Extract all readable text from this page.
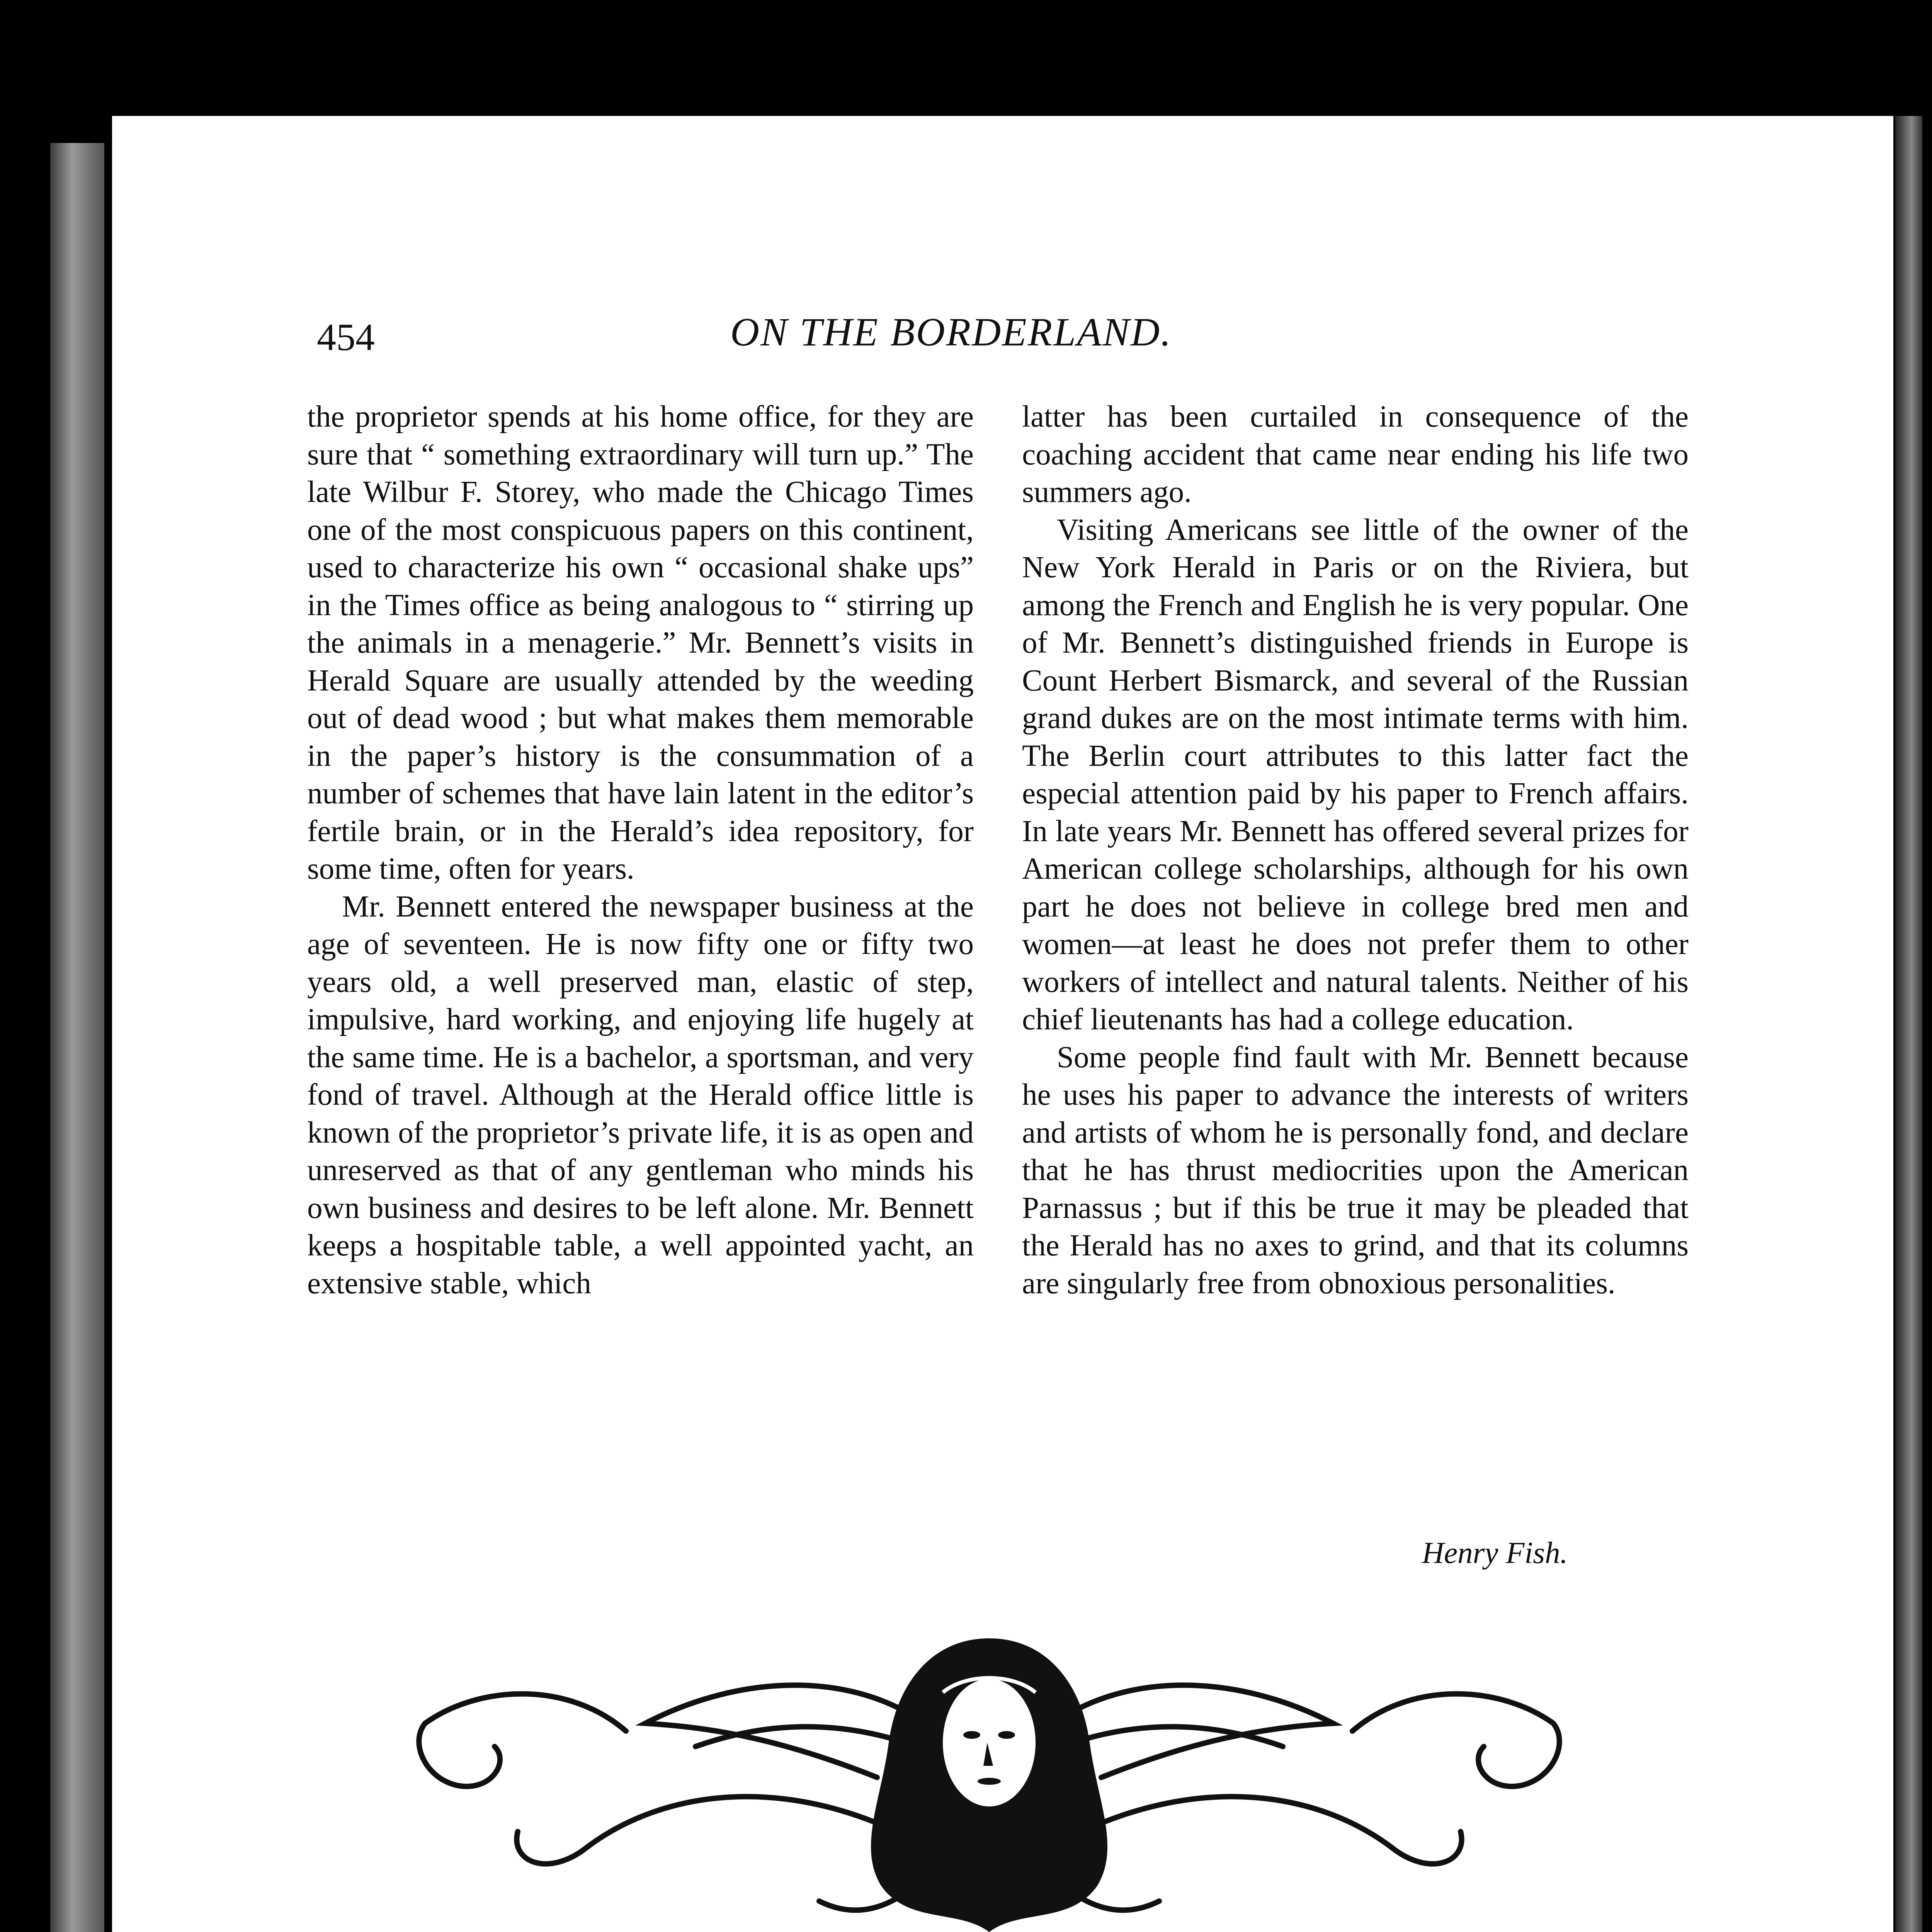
454	ON THE BORDERLAND.

the proprietor spends at his home office, for they are sure that “ something extraordinary will turn up.” The late Wilbur F. Storey, who made the Chicago Times one of the most conspicuous papers on this continent, used to characterize his own “ occasional shake ups” in the Times office as being analogous to “ stirring up the animals in a menagerie.” Mr. Bennett’s visits in Herald Square are usually attended by the weeding out of dead wood ; but what makes them memorable in the paper’s history is the consummation of a number of schemes that have lain latent in the editor’s fertile brain, or in the Herald’s idea repository, for some time, often for years.

Mr. Bennett entered the newspaper business at the age of seventeen. He is now fifty one or fifty two years old, a well preserved man, elastic of step, impulsive, hard working, and enjoying life hugely at the same time. He is a bachelor, a sportsman, and very fond of travel. Although at the Herald office little is known of the proprietor’s private life, it is as open and unreserved as that of any gentleman who minds his own business and desires to be left alone. Mr. Bennett keeps a hospitable table, a well appointed yacht, an extensive stable, which

latter has been curtailed in consequence of the coaching accident that came near ending his life two summers ago.

Visiting Americans see little of the owner of the New York Herald in Paris or on the Riviera, but among the French and English he is very popular. One of Mr. Bennett’s distinguished friends in Europe is Count Herbert Bismarck, and several of the Russian grand dukes are on the most intimate terms with him. The Berlin court attributes to this latter fact the especial attention paid by his paper to French affairs. In late years Mr. Bennett has offered several prizes for American college scholarships, although for his own part he does not believe in college bred men and women—at least he does not prefer them to other workers of intellect and natural talents. Neither of his chief lieutenants has had a college education.

Some people find fault with Mr. Bennett because he uses his paper to advance the interests of writers and artists of whom he is personally fond, and declare that he has thrust mediocrities upon the American Parnassus ; but if this be true it may be pleaded that the Herald has no axes to grind, and that its columns are singularly free from obnoxious personalities.

Henry Fish.
